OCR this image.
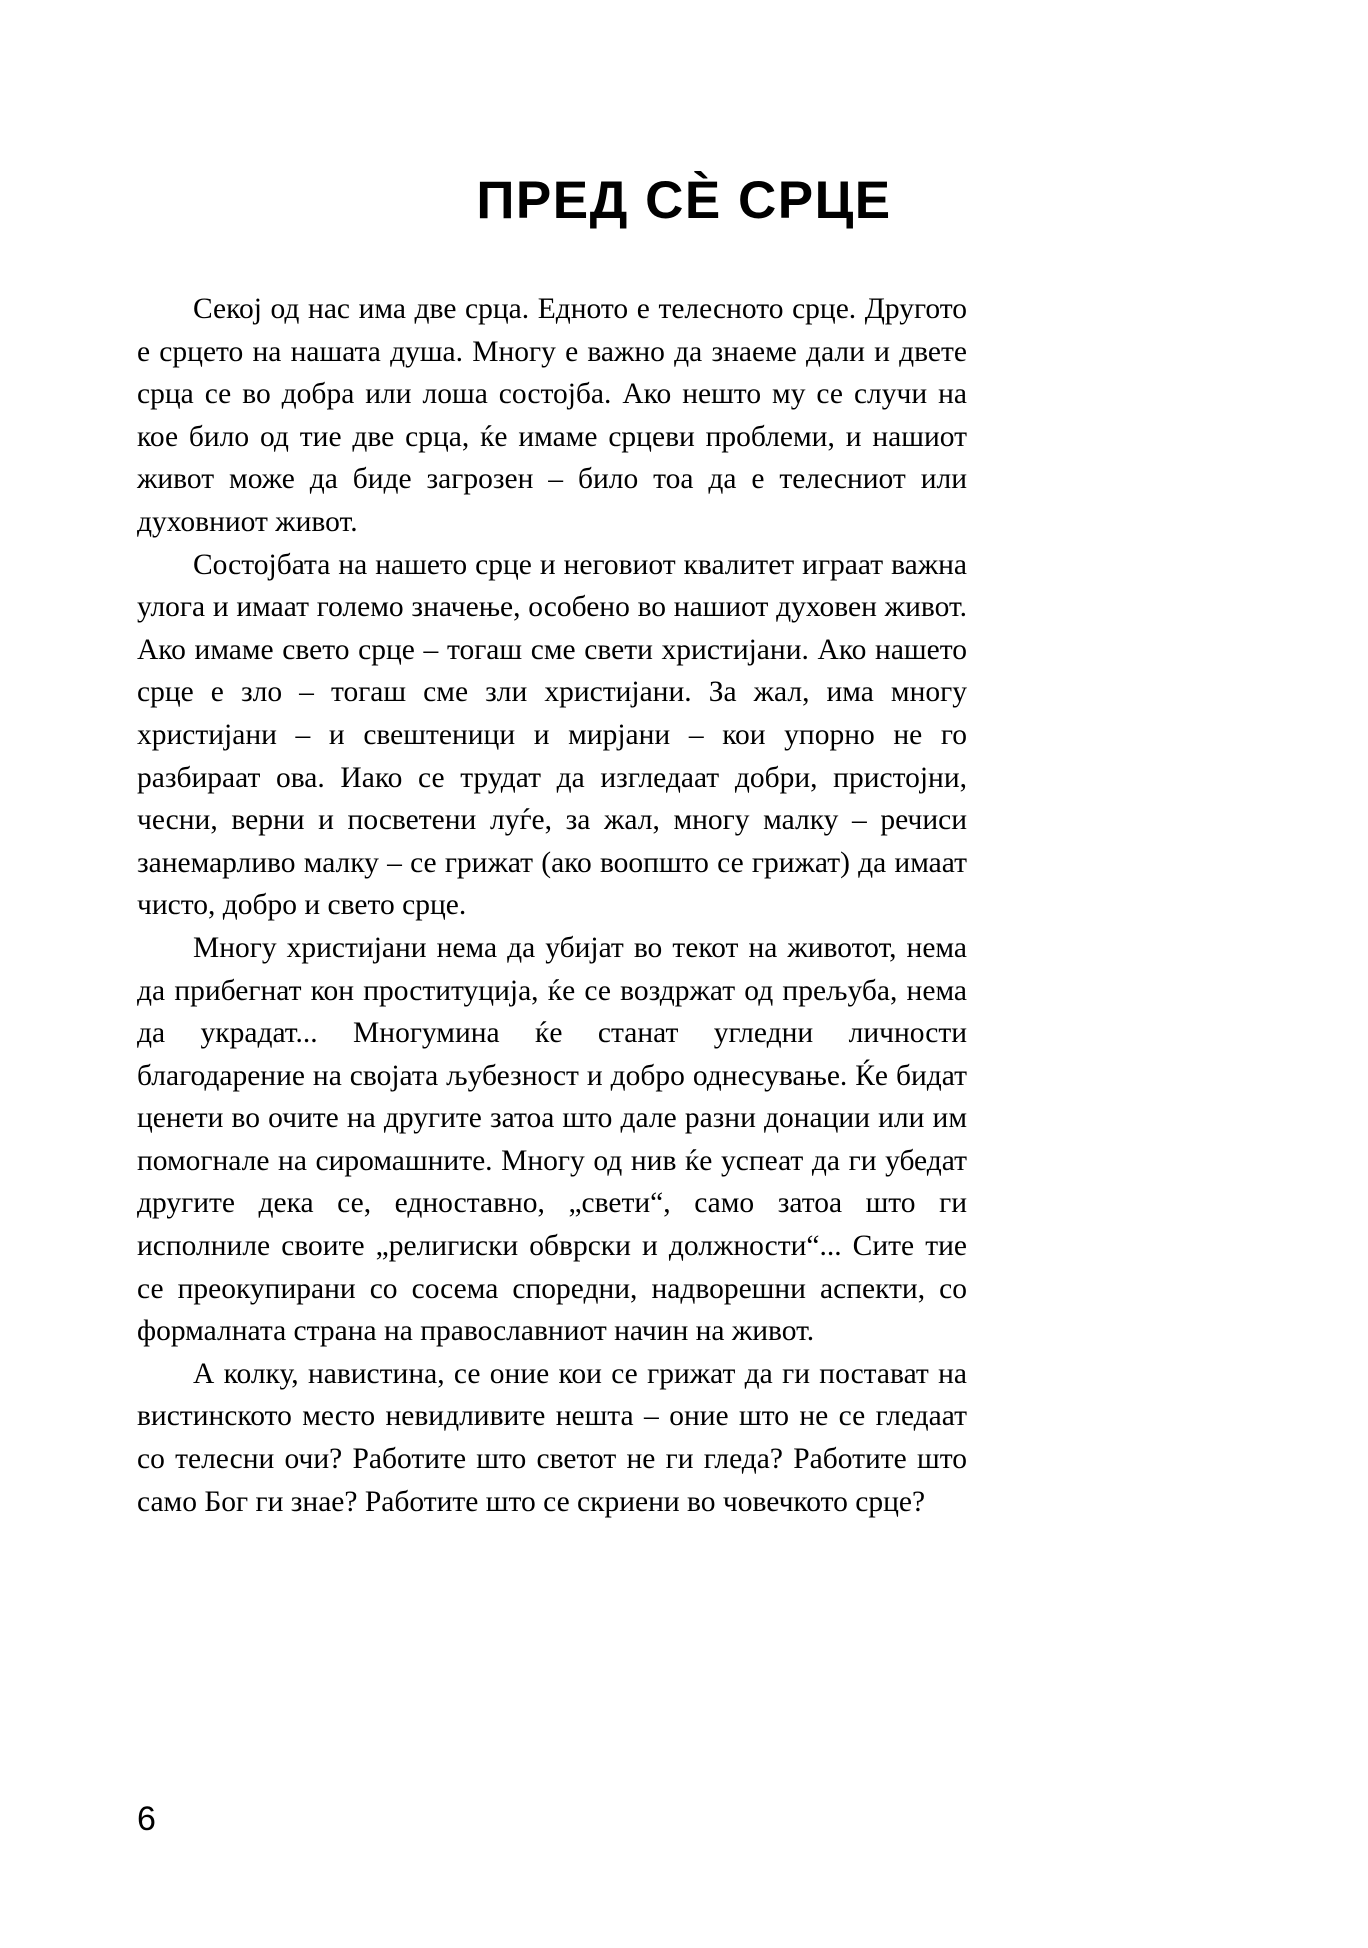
ПРЕД СЀ СРЦЕ

Секој од нас има две срца. Едното е телесното срце. Другото е срцето на нашата душа. Многу е важно да знаеме дали и двете срца се во добра или лоша состојба. Ако нешто му се случи на кое било од тие две срца, ќе имаме срцеви проблеми, и нашиот живот може да биде загрозен – било тоа да е телесниот или духовниот живот.

Состојбата на нашето срце и неговиот квалитет играат важна улога и имаат големо значење, особено во нашиот духовен живот. Ако имаме свето срце – тогаш сме свети христијани. Ако нашето срце е зло – тогаш сме зли христијани. За жал, има многу христијани – и свештеници и мирјани – кои упорно не го разбираат ова. Иако се трудат да изгледаат добри, пристојни, чесни, верни и посветени луѓе, за жал, многу малку – речиси занемарливо малку – се грижат (ако воопшто се грижат) да имаат чисто, добро и свето срце.

Многу христијани нема да убијат во текот на животот, нема да прибегнат кон проституција, ќе се воздржат од прељуба, нема да украдат... Многумина ќе станат угледни личности благодарение на својата љубезност и добро однесување. Ќе бидат ценети во очите на другите затоа што дале разни донации или им помогнале на сиромашните. Многу од нив ќе успеат да ги убедат другите дека се, едноставно, „свети“, само затоа што ги исполниле своите „религиски обврски и должности“... Сите тие се преокупирани со сосема споредни, надворешни аспекти, со формалната страна на православниот начин на живот.

А колку, навистина, се оние кои се грижат да ги постават на вистинското место невидливите нешта – оние што не се гледаат со телесни очи? Работите што светот не ги гледа? Работите што само Бог ги знае? Работите што се скриени во човечкото срце?

6
